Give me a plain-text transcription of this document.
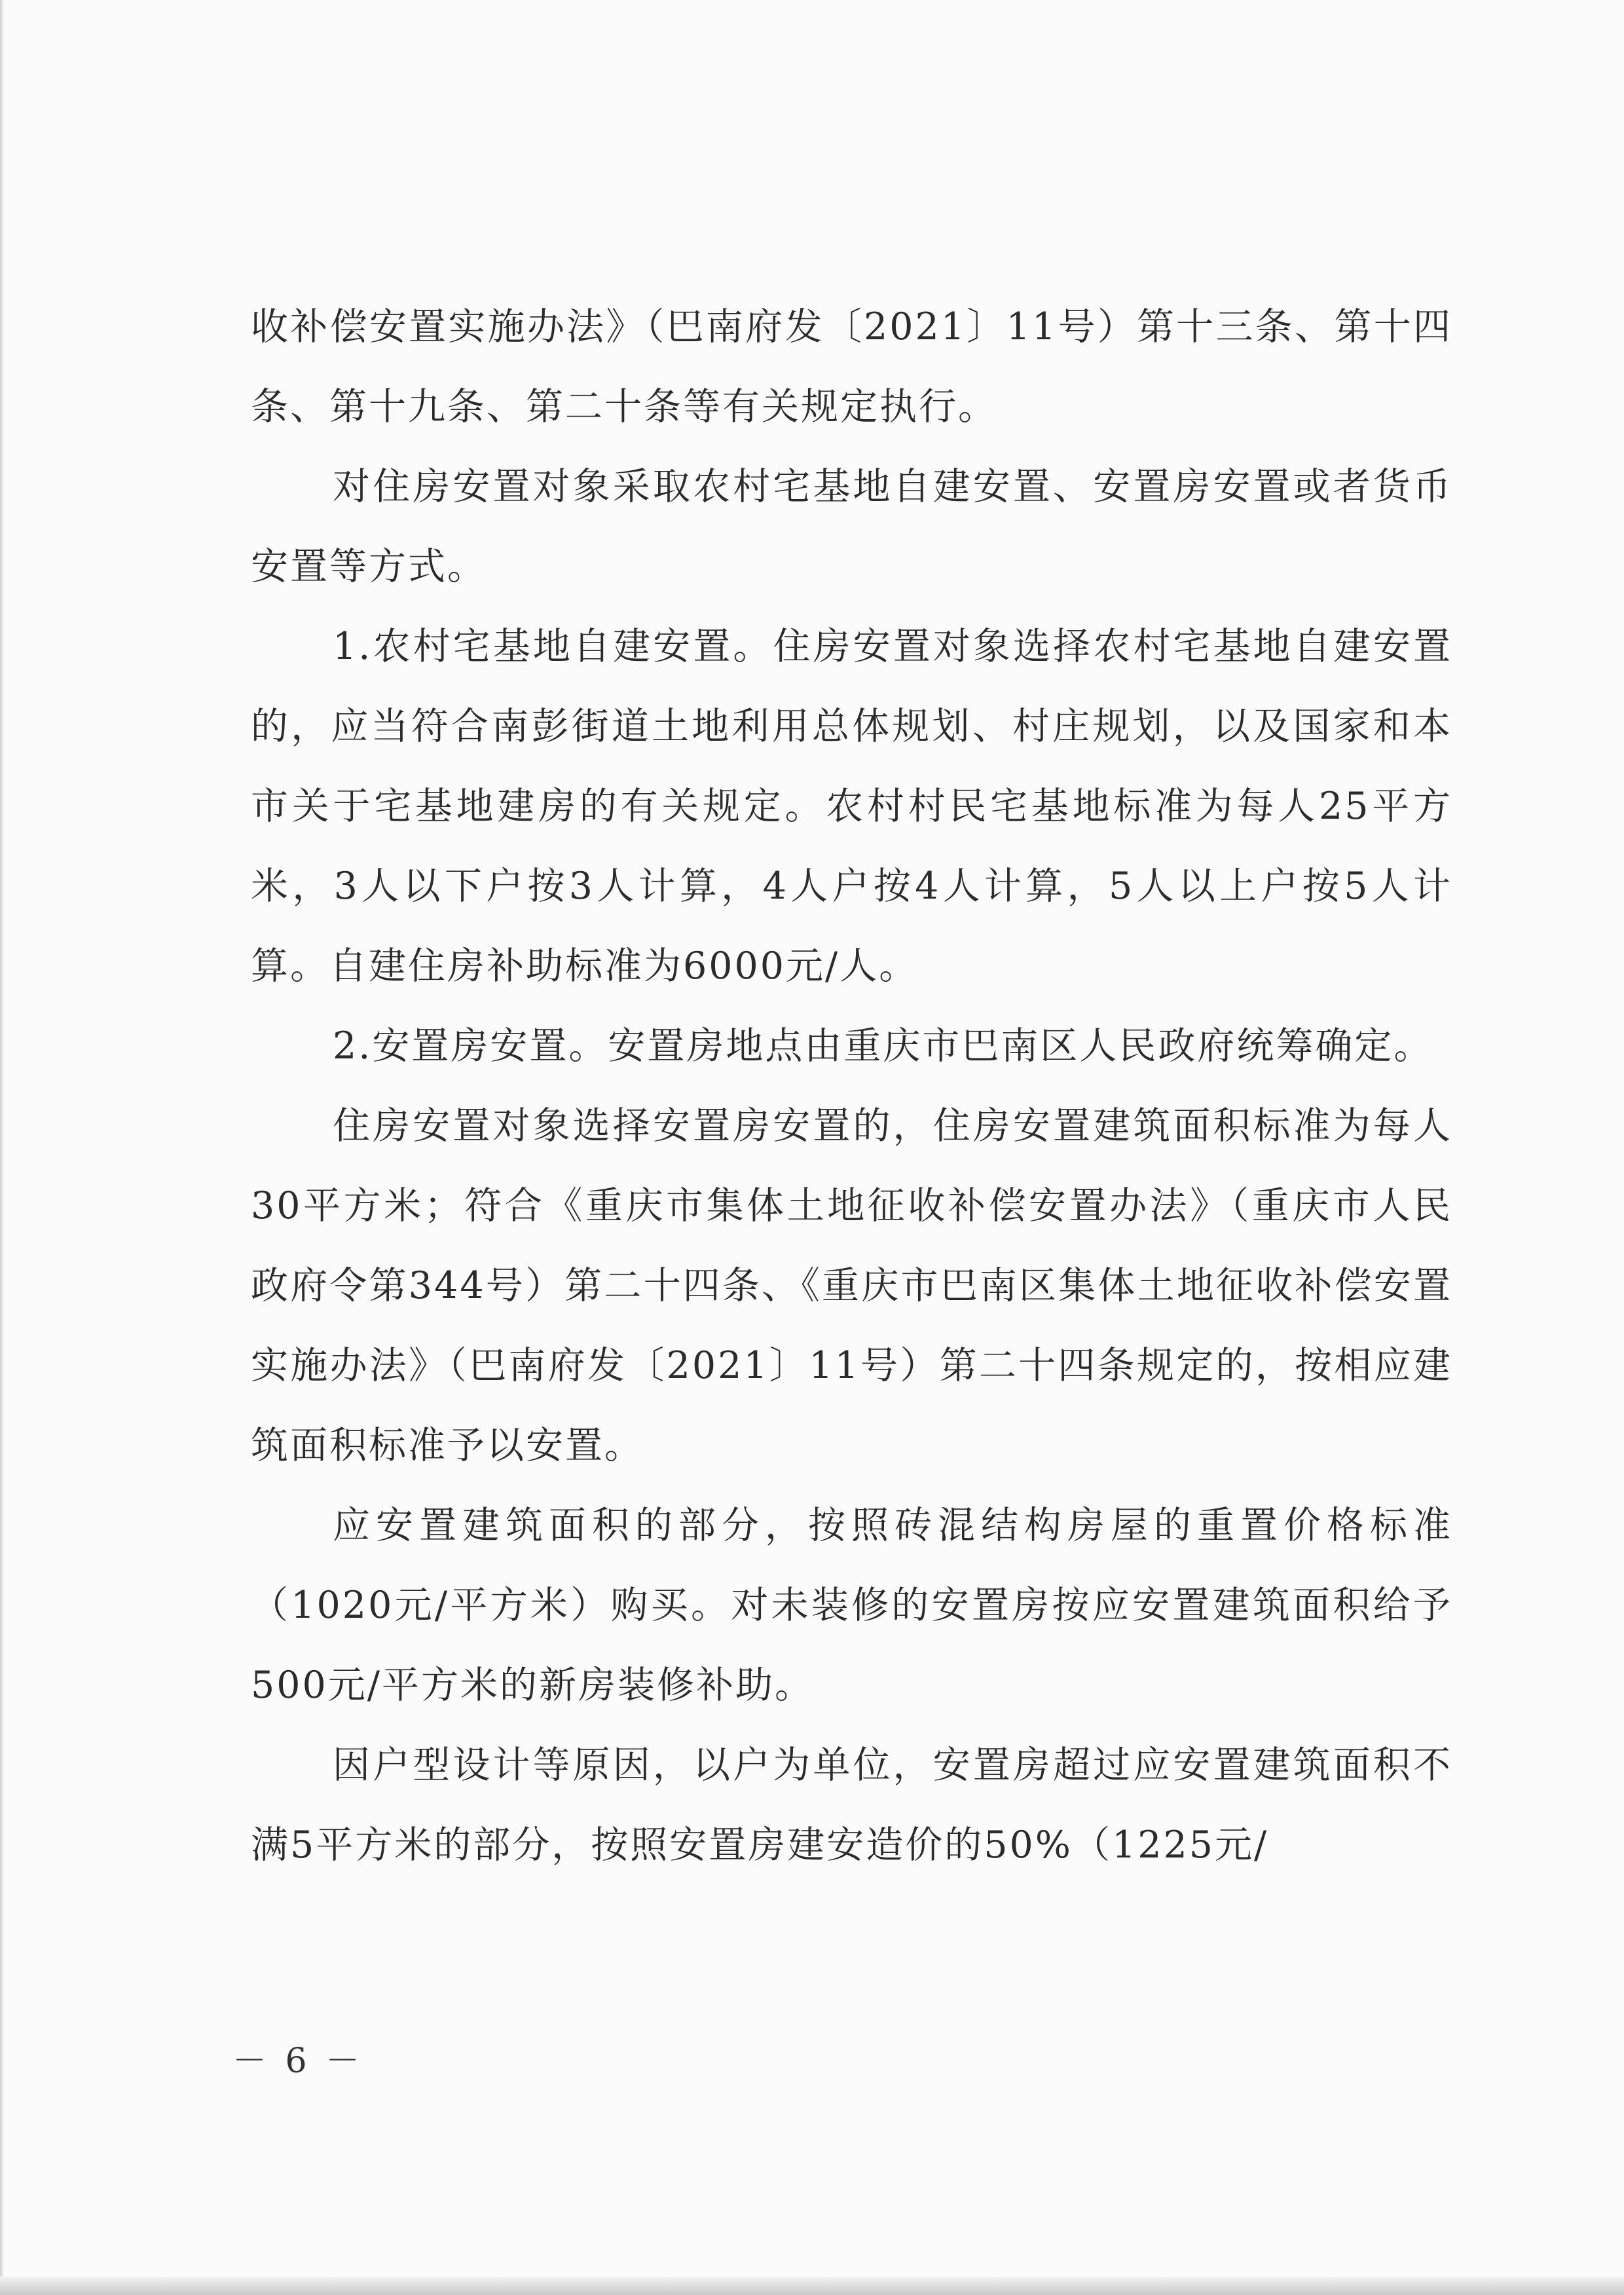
收补偿安置实施办法》（巴南府发〔2021〕11号）第十三条、第十四条、第十九条、第二十条等有关规定执行。

对住房安置对象采取农村宅基地自建安置、安置房安置或者货币安置等方式。

1.农村宅基地自建安置。住房安置对象选择农村宅基地自建安置的，应当符合南彭街道土地利用总体规划、村庄规划，以及国家和本市关于宅基地建房的有关规定。农村村民宅基地标准为每人25平方米，3人以下户按3人计算，4人户按4人计算，5人以上户按5人计算。自建住房补助标准为6000元/人。

2.安置房安置。安置房地点由重庆市巴南区人民政府统筹确定。

住房安置对象选择安置房安置的，住房安置建筑面积标准为每人30平方米；符合《重庆市集体土地征收补偿安置办法》（重庆市人民政府令第344号）第二十四条、《重庆市巴南区集体土地征收补偿安置实施办法》（巴南府发〔2021〕11号）第二十四条规定的，按相应建筑面积标准予以安置。

应安置建筑面积的部分，按照砖混结构房屋的重置价格标准（1020元/平方米）购买。对未装修的安置房按应安置建筑面积给予500元/平方米的新房装修补助。

因户型设计等原因，以户为单位，安置房超过应安置建筑面积不满5平方米的部分，按照安置房建安造价的50%（1225元/

－ 6 －
